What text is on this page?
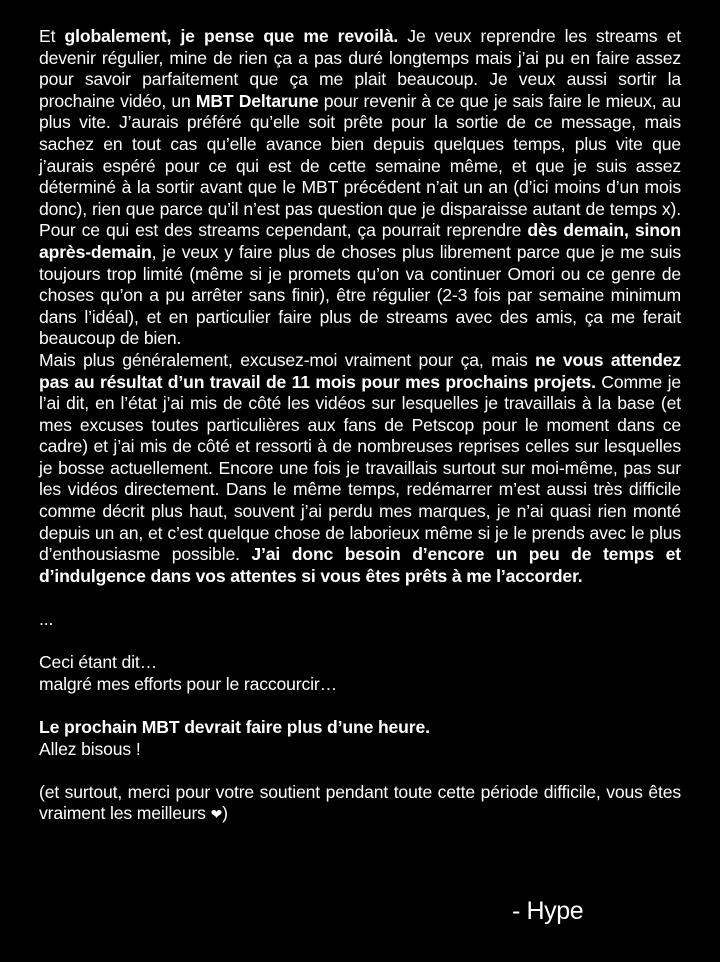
Et globalement, je pense que me revoilà. Je veux reprendre les streams et devenir régulier, mine de rien ça a pas duré longtemps mais j’ai pu en faire assez pour savoir parfaitement que ça me plait beaucoup. Je veux aussi sortir la prochaine vidéo, un MBT Deltarune pour revenir à ce que je sais faire le mieux, au plus vite. J’aurais préféré qu’elle soit prête pour la sortie de ce message, mais sachez en tout cas qu’elle avance bien depuis quelques temps, plus vite que j’aurais espéré pour ce qui est de cette semaine même, et que je suis assez déterminé à la sortir avant que le MBT précédent n’ait un an (d’ici moins d’un mois donc), rien que parce qu’il n’est pas question que je disparaisse autant de temps x). Pour ce qui est des streams cependant, ça pourrait reprendre dès demain, sinon après-demain, je veux y faire plus de choses plus librement parce que je me suis toujours trop limité (même si je promets qu’on va continuer Omori ou ce genre de choses qu’on a pu arrêter sans finir), être régulier (2-3 fois par semaine minimum dans l’idéal), et en particulier faire plus de streams avec des amis, ça me ferait beaucoup de bien.

Mais plus généralement, excusez-moi vraiment pour ça, mais ne vous attendez pas au résultat d’un travail de 11 mois pour mes prochains projets. Comme je l’ai dit, en l’état j’ai mis de côté les vidéos sur lesquelles je travaillais à la base (et mes excuses toutes particulières aux fans de Petscop pour le moment dans ce cadre) et j’ai mis de côté et ressorti à de nombreuses reprises celles sur lesquelles je bosse actuellement. Encore une fois je travaillais surtout sur moi-même, pas sur les vidéos directement. Dans le même temps, redémarrer m’est aussi très difficile comme décrit plus haut, souvent j’ai perdu mes marques, je n’ai quasi rien monté depuis un an, et c’est quelque chose de laborieux même si je le prends avec le plus d’enthousiasme possible. J’ai donc besoin d’encore un peu de temps et d’indulgence dans vos attentes si vous êtes prêts à me l’accorder.

...

Ceci étant dit…

malgré mes efforts pour le raccourcir…

Le prochain MBT devrait faire plus d’une heure.

Allez bisous !

(et surtout, merci pour votre soutient pendant toute cette période difficile, vous êtes vraiment les meilleurs ❤)

- Hype
